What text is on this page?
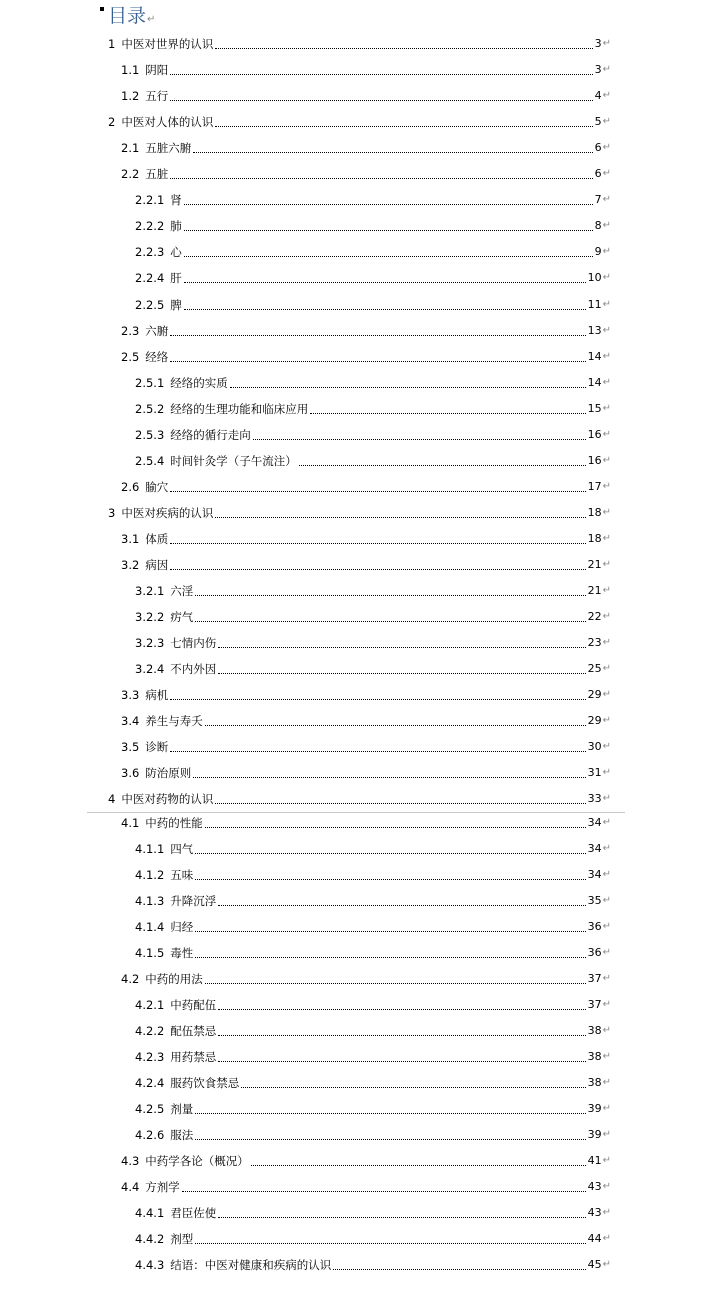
目录↵
1 中医对世界的认识	3 ↵
1.1 阴阳	3 ↵
1.2 五行	4 ↵
2 中医对人体的认识	5 ↵
2.1 五脏六腑	6 ↵
2.2 五脏	6 ↵
2.2.1 肾	7 ↵
2.2.2 肺	8 ↵
2.2.3 心	9 ↵
2.2.4 肝	10 ↵
2.2.5 脾	11 ↵
2.3 六腑	13 ↵
2.5 经络	14 ↵
2.5.1 经络的实质	14 ↵
2.5.2 经络的生理功能和临床应用	15 ↵
2.5.3 经络的循行走向	16 ↵
2.5.4 时间针灸学（子午流注）	16 ↵
2.6 腧穴	17 ↵
3 中医对疾病的认识	18 ↵
3.1 体质	18 ↵
3.2 病因	21 ↵
3.2.1 六淫	21 ↵
3.2.2 疠气	22 ↵
3.2.3 七情内伤	23 ↵
3.2.4 不内外因	25 ↵
3.3 病机	29 ↵
3.4 养生与寿夭	29 ↵
3.5 诊断	30 ↵
3.6 防治原则	31 ↵
4 中医对药物的认识	33 ↵
4.1 中药的性能	34 ↵
4.1.1 四气	34 ↵
4.1.2 五味	34 ↵
4.1.3 升降沉浮	35 ↵
4.1.4 归经	36 ↵
4.1.5 毒性	36 ↵
4.2 中药的用法	37 ↵
4.2.1 中药配伍	37 ↵
4.2.2 配伍禁忌	38 ↵
4.2.3 用药禁忌	38 ↵
4.2.4 服药饮食禁忌	38 ↵
4.2.5 剂量	39 ↵
4.2.6 服法	39 ↵
4.3 中药学各论（概况）	41 ↵
4.4 方剂学	43 ↵
4.4.1 君臣佐使	43 ↵
4.4.2 剂型	44 ↵
4.4.3 结语：中医对健康和疾病的认识	45 ↵
